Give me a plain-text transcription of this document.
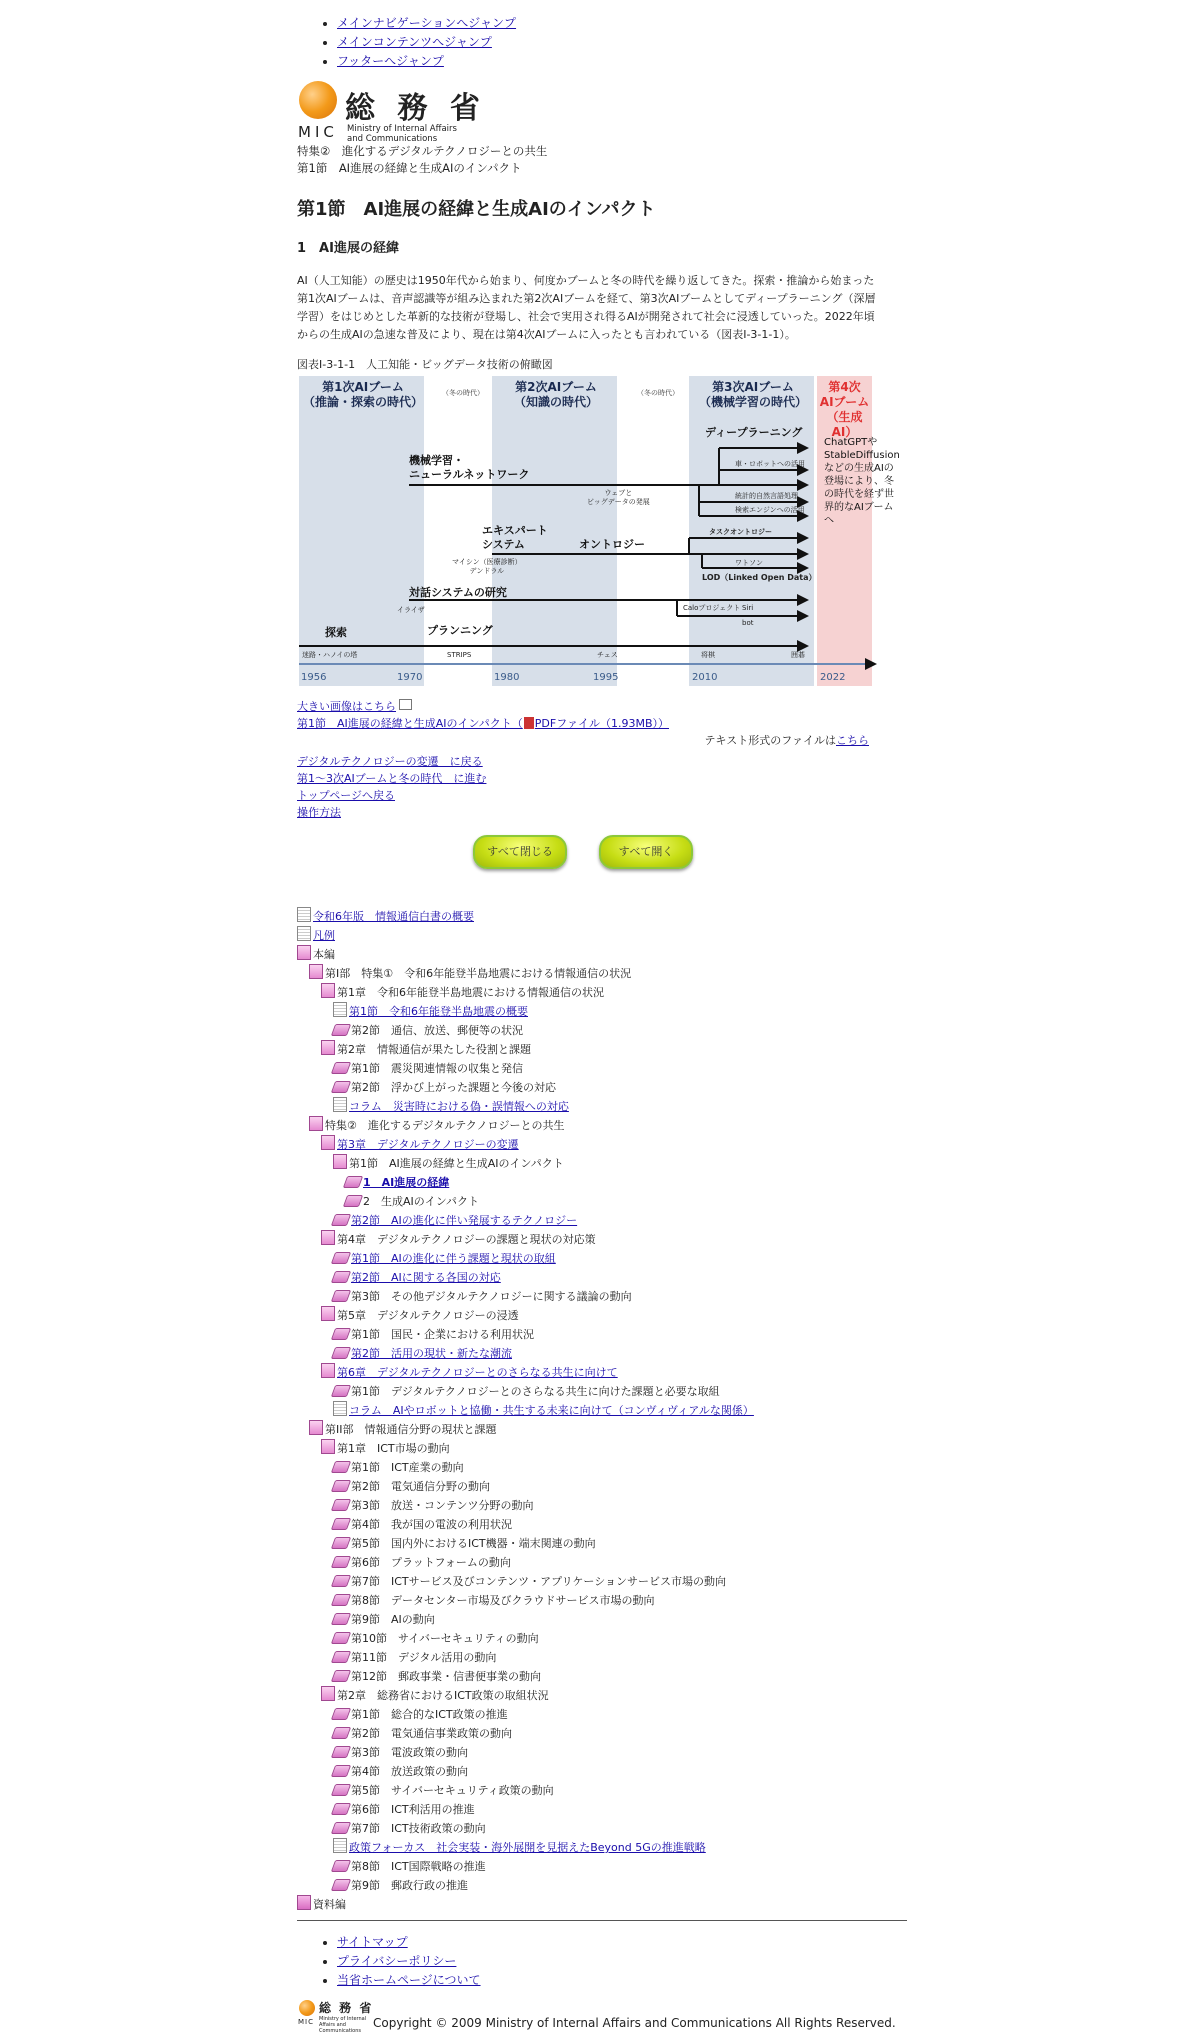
• メインナビゲーションへジャンプ
• メインコンテンツへジャンプ
• フッターへジャンプ
MIC
総 務 省
Ministry of Internal Affairs
and Communications
特集②　進化するデジタルテクノロジーとの共生
第1節　AI進展の経緯と生成AIのインパクト
第1節　AI進展の経緯と生成AIのインパクト
1　AI進展の経緯

AI（人工知能）の歴史は1950年代から始まり、何度かブームと冬の時代を繰り返してきた。探索・推論から始まった第1次AIブームは、音声認識等が組み込まれた第2次AIブームを経て、第3次AIブームとしてディープラーニング（深層学習）をはじめとした革新的な技術が登場し、社会で実用され得るAIが開発されて社会に浸透していった。2022年頃からの生成AIの急速な普及により、現在は第4次AIブームに入ったとも言われている（図表I-3-1-1）。

図表I-3-1-1　人工知能・ビッグデータ技術の俯瞰図
第1次AIブーム
（推論・探索の時代）
第2次AIブーム
（知識の時代）
第3次AIブーム
（機械学習の時代）
第4次
AIブーム
（生成AI）
（冬の時代）	（冬の時代）
ディープラーニング
機械学習・
ニューラルネットワーク
ウェブと
ビッグデータの発展
車・ロボットへの活用
統計的自然言語処理
検索エンジンへの活用
エキスパート
システム
マイシン（医療診断）
デンドラル
オントロジー
タスクオントロジー
ワトソン
LOD（Linked Open Data）
対話システムの研究
イライザ	Caloプロジェクト Siri
bot
探索
迷路・ハノイの塔
プランニング
STRIPS	チェス	将棋	囲碁
ChatGPTやStableDiffusionなどの生成AIの登場により、冬の時代を経ず世界的なAIブームへ
1956	1970	1980	1995	2010	2022
大きい画像はこちら
第1節　AI進展の経緯と生成AIのインパクト（ PDFファイル（1.93MB））
テキスト形式のファイルはこちら
デジタルテクノロジーの変遷　に戻る
第1～3次AIブームと冬の時代　に進む
トップページへ戻る
操作方法
すべて閉じる	すべて開く
令和6年版　情報通信白書の概要
凡例
本編
第I部　特集①　令和6年能登半島地震における情報通信の状況
第1章　令和6年能登半島地震における情報通信の状況
第1節　令和6年能登半島地震の概要
第2節　通信、放送、郵便等の状況
第2章　情報通信が果たした役割と課題
第1節　震災関連情報の収集と発信
第2節　浮かび上がった課題と今後の対応
コラム　災害時における偽・誤情報への対応
特集②　進化するデジタルテクノロジーとの共生
第3章　デジタルテクノロジーの変遷
第1節　AI進展の経緯と生成AIのインパクト
1　AI進展の経緯
2　生成AIのインパクト
第2節　AIの進化に伴い発展するテクノロジー
第4章　デジタルテクノロジーの課題と現状の対応策
第1節　AIの進化に伴う課題と現状の取組
第2節　AIに関する各国の対応
第3節　その他デジタルテクノロジーに関する議論の動向
第5章　デジタルテクノロジーの浸透
第1節　国民・企業における利用状況
第2節　活用の現状・新たな潮流
第6章　デジタルテクノロジーとのさらなる共生に向けて
第1節　デジタルテクノロジーとのさらなる共生に向けた課題と必要な取組
コラム　AIやロボットと協働・共生する未来に向けて（コンヴィヴィアルな関係）
第II部　情報通信分野の現状と課題
第1章　ICT市場の動向
第1節　ICT産業の動向
第2節　電気通信分野の動向
第3節　放送・コンテンツ分野の動向
第4節　我が国の電波の利用状況
第5節　国内外におけるICT機器・端末関連の動向
第6節　プラットフォームの動向
第7節　ICTサービス及びコンテンツ・アプリケーションサービス市場の動向
第8節　データセンター市場及びクラウドサービス市場の動向
第9節　AIの動向
第10節　サイバーセキュリティの動向
第11節　デジタル活用の動向
第12節　郵政事業・信書便事業の動向
第2章　総務省におけるICT政策の取組状況
第1節　総合的なICT政策の推進
第2節　電気通信事業政策の動向
第3節　電波政策の動向
第4節　放送政策の動向
第5節　サイバーセキュリティ政策の動向
第6節　ICT利活用の推進
第7節　ICT技術政策の動向
政策フォーカス　社会実装・海外展開を見据えたBeyond 5Gの推進戦略
第8節　ICT国際戦略の推進
第9節　郵政行政の推進
資料編
• サイトマップ
• プライバシーポリシー
• 当省ホームページについて
総 務 省
MIC Ministry of Internal Affairs and Communications
Copyright © 2009 Ministry of Internal Affairs and Communications All Rights Reserved.
